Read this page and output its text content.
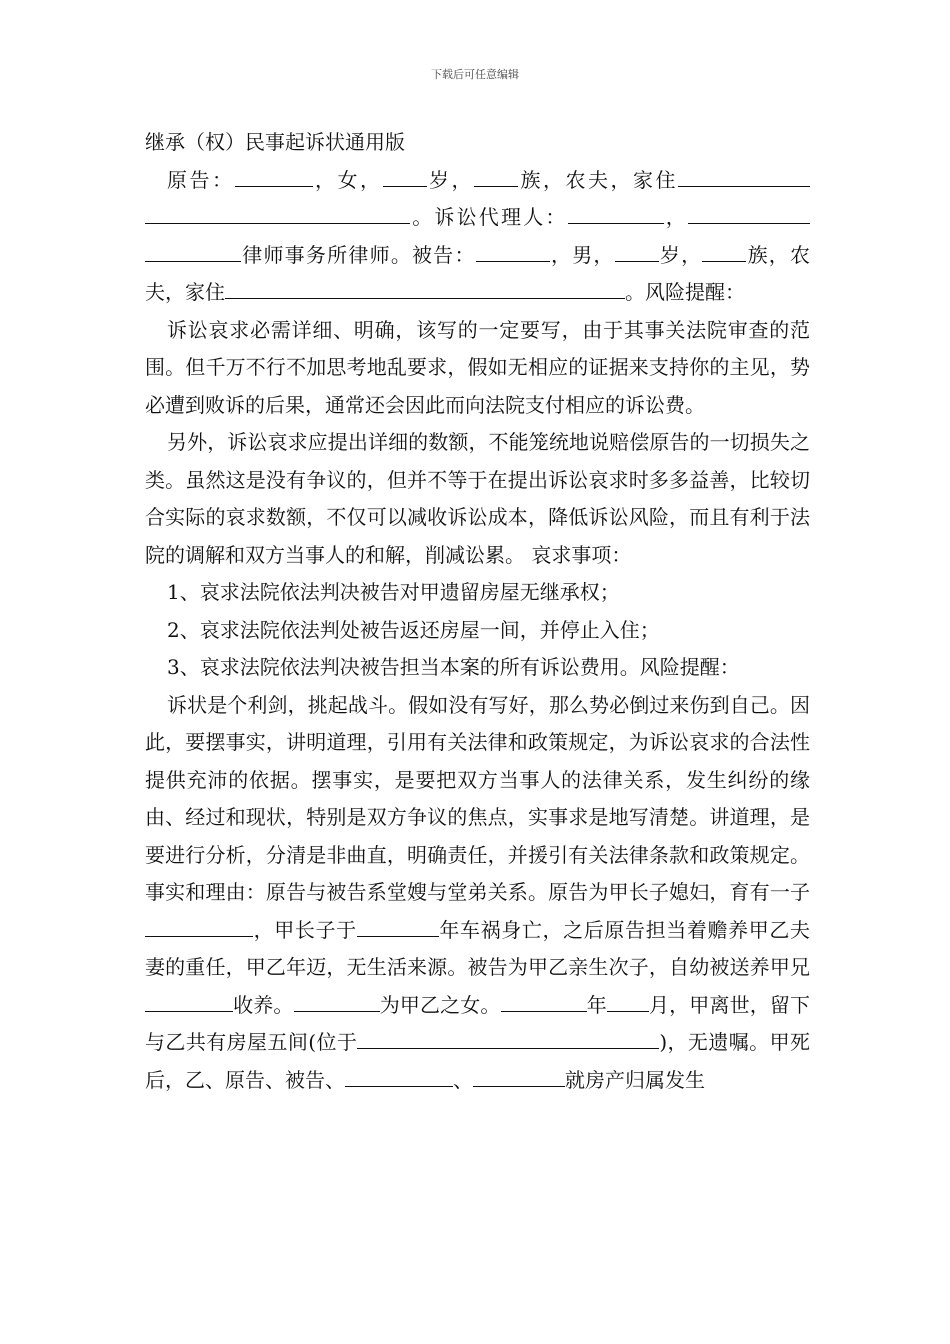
下载后可任意编辑

继承（权）民事起诉状通用版

原告：	，女， 岁， 族，农夫，家住。诉讼代理人：	，律师事务所律师。被告：	，男， 岁， 族，农夫，家住	。风险提醒：

诉讼哀求必需详细、明确，该写的一定要写，由于其事关法院审查的范围。但千万不行不加思考地乱要求，假如无相应的证据来支持你的主见，势必遭到败诉的后果，通常还会因此而向法院支付相应的诉讼费。

另外，诉讼哀求应提出详细的数额，不能笼统地说赔偿原告的一切损失之类。虽然这是没有争议的，但并不等于在提出诉讼哀求时多多益善，比较切合实际的哀求数额，不仅可以减收诉讼成本，降低诉讼风险，而且有利于法院的调解和双方当事人的和解，削减讼累。 哀求事项：

1、哀求法院依法判决被告对甲遗留房屋无继承权；

2、哀求法院依法判处被告返还房屋一间，并停止入住；

3、哀求法院依法判决被告担当本案的所有诉讼费用。风险提醒：

诉状是个利剑，挑起战斗。假如没有写好，那么势必倒过来伤到自己。因此，要摆事实，讲明道理，引用有关法律和政策规定，为诉讼哀求的合法性提供充沛的依据。摆事实，是要把双方当事人的法律关系，发生纠纷的缘由、经过和现状，特别是双方争议的焦点，实事求是地写清楚。讲道理，是要进行分析，分清是非曲直，明确责任，并援引有关法律条款和政策规定。 事实和理由：原告与被告系堂嫂与堂弟关系。原告为甲长子媳妇，育有一子，甲长子于	年车祸身亡，之后原告担当着赡养甲乙夫妻的重任，甲乙年迈，无生活来源。被告为甲乙亲生次子，自幼被送养甲兄收养。	为甲乙之女。	年 月，甲离世，留下与乙共有房屋五间(位于	)，无遗嘱。甲死后，乙、原告、被告、	、	就房产归属发生
